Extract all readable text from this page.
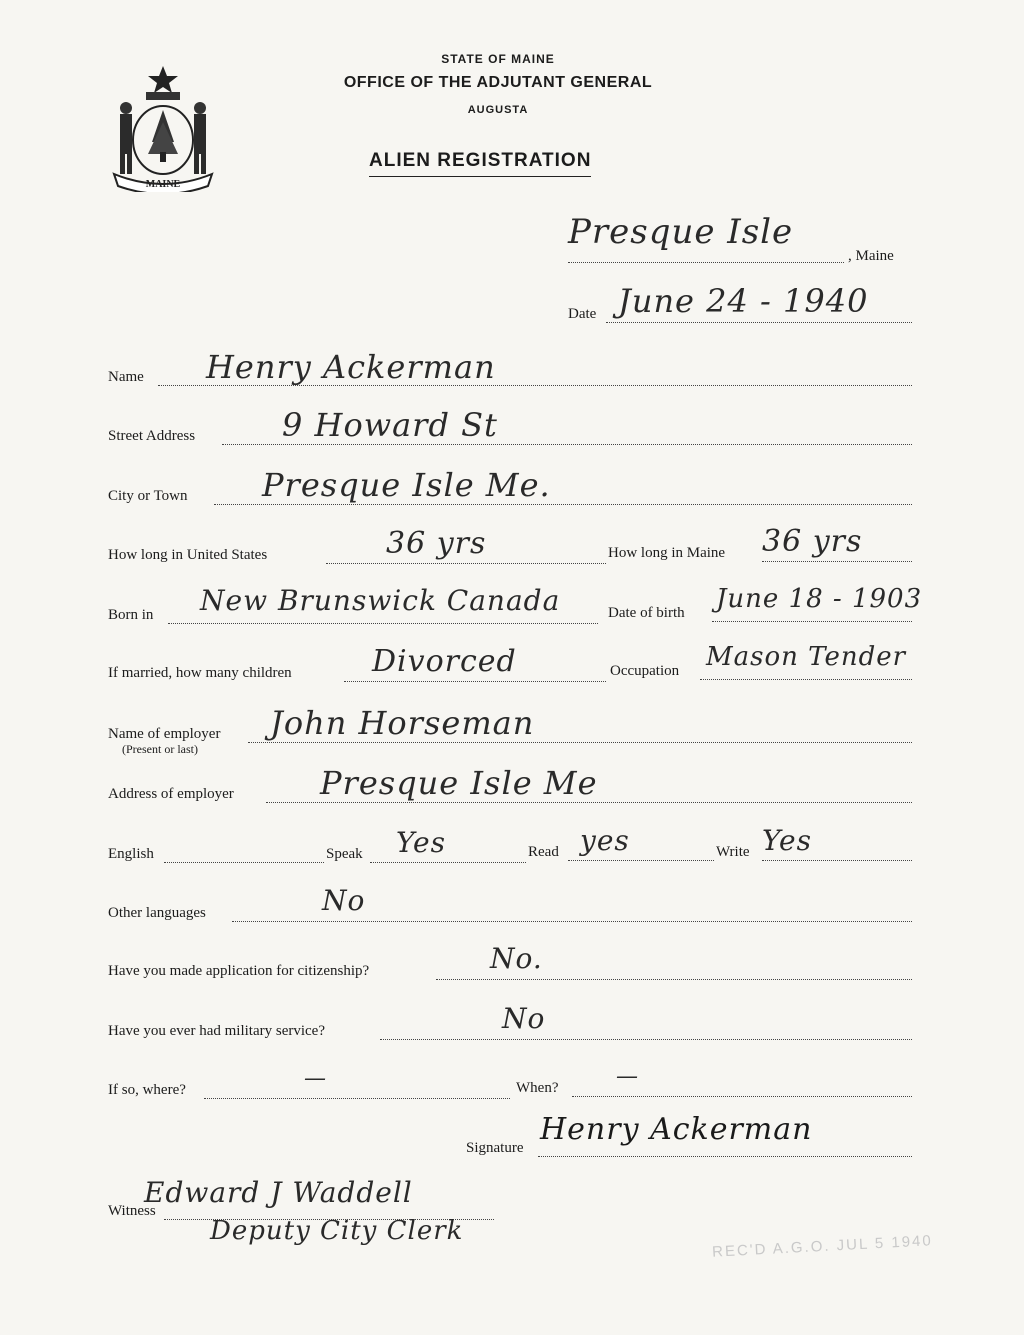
MAINE
STATE OF MAINE
OFFICE OF THE ADJUTANT GENERAL
AUGUSTA
ALIEN REGISTRATION
Presque Isle
, Maine
Date June 24 - 1940
Name Henry Ackerman
Street Address	9 Howard St
City or Town Presque Isle Me.
How long in United States	36 yrs	How long in Maine 36 yrs
Born in New Brunswick Canada	Date of birth June 18 - 1903
If married, how many children	Divorced	Occupation Mason Tender
Name of employer
(Present or last)
John Horseman
Address of employer	Presque Isle Me
English	Speak Yes	Read yes	Write Yes
Other languages	No
Have you made application for citizenship?	No.
Have you ever had military service?	No
If so, where?	—	When?	—
Signature
Henry Ackerman
Witness
Edward J Waddell
Deputy City Clerk
REC'D A.G.O. JUL 5 1940
